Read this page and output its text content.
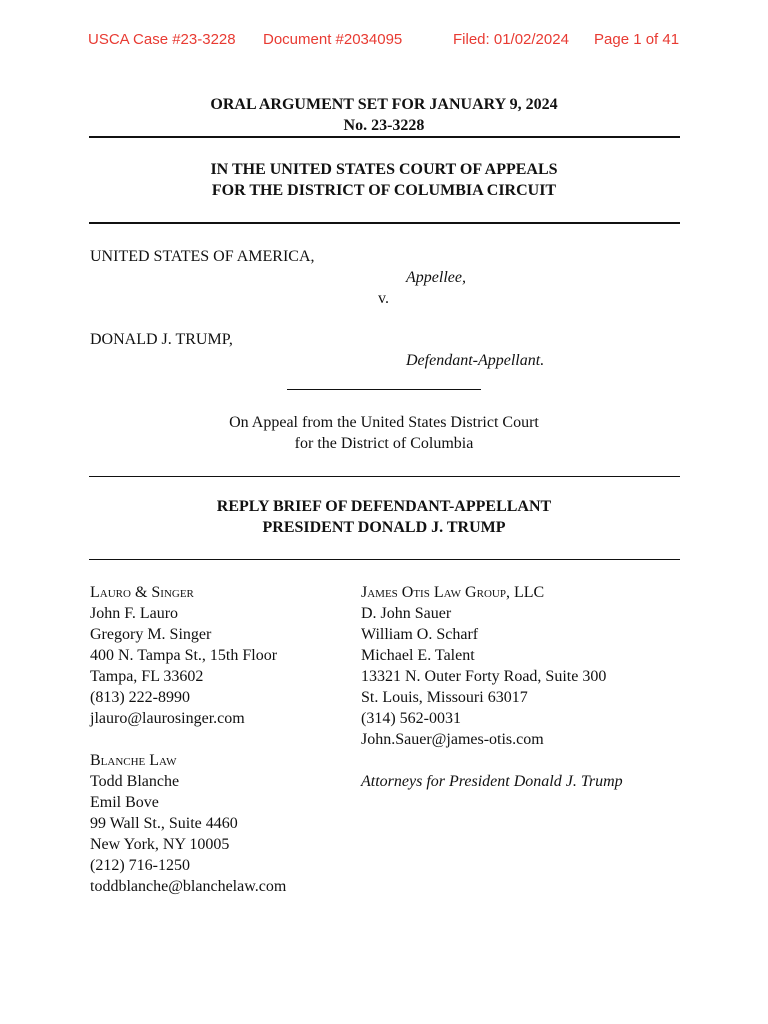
USCA Case #23-3228 Document #2034095	Filed: 01/02/2024 Page 1 of 41
ORAL ARGUMENT SET FOR JANUARY 9, 2024
No. 23-3228
IN THE UNITED STATES COURT OF APPEALS
FOR THE DISTRICT OF COLUMBIA CIRCUIT
UNITED STATES OF AMERICA,
Appellee,
v.
DONALD J. TRUMP,
Defendant-Appellant.
On Appeal from the United States District Court
for the District of Columbia
REPLY BRIEF OF DEFENDANT-APPELLANT
PRESIDENT DONALD J. TRUMP
Lauro & Singer
John F. Lauro
Gregory M. Singer
400 N. Tampa St., 15th Floor
Tampa, FL 33602
(813) 222-8990
jlauro@laurosinger.com
Blanche Law
Todd Blanche
Emil Bove
99 Wall St., Suite 4460
New York, NY 10005
(212) 716-1250
toddblanche@blanchelaw.com
James Otis Law Group, LLC
D. John Sauer
William O. Scharf
Michael E. Talent
13321 N. Outer Forty Road, Suite 300
St. Louis, Missouri 63017
(314) 562-0031
John.Sauer@james-otis.com
Attorneys for President Donald J. Trump
